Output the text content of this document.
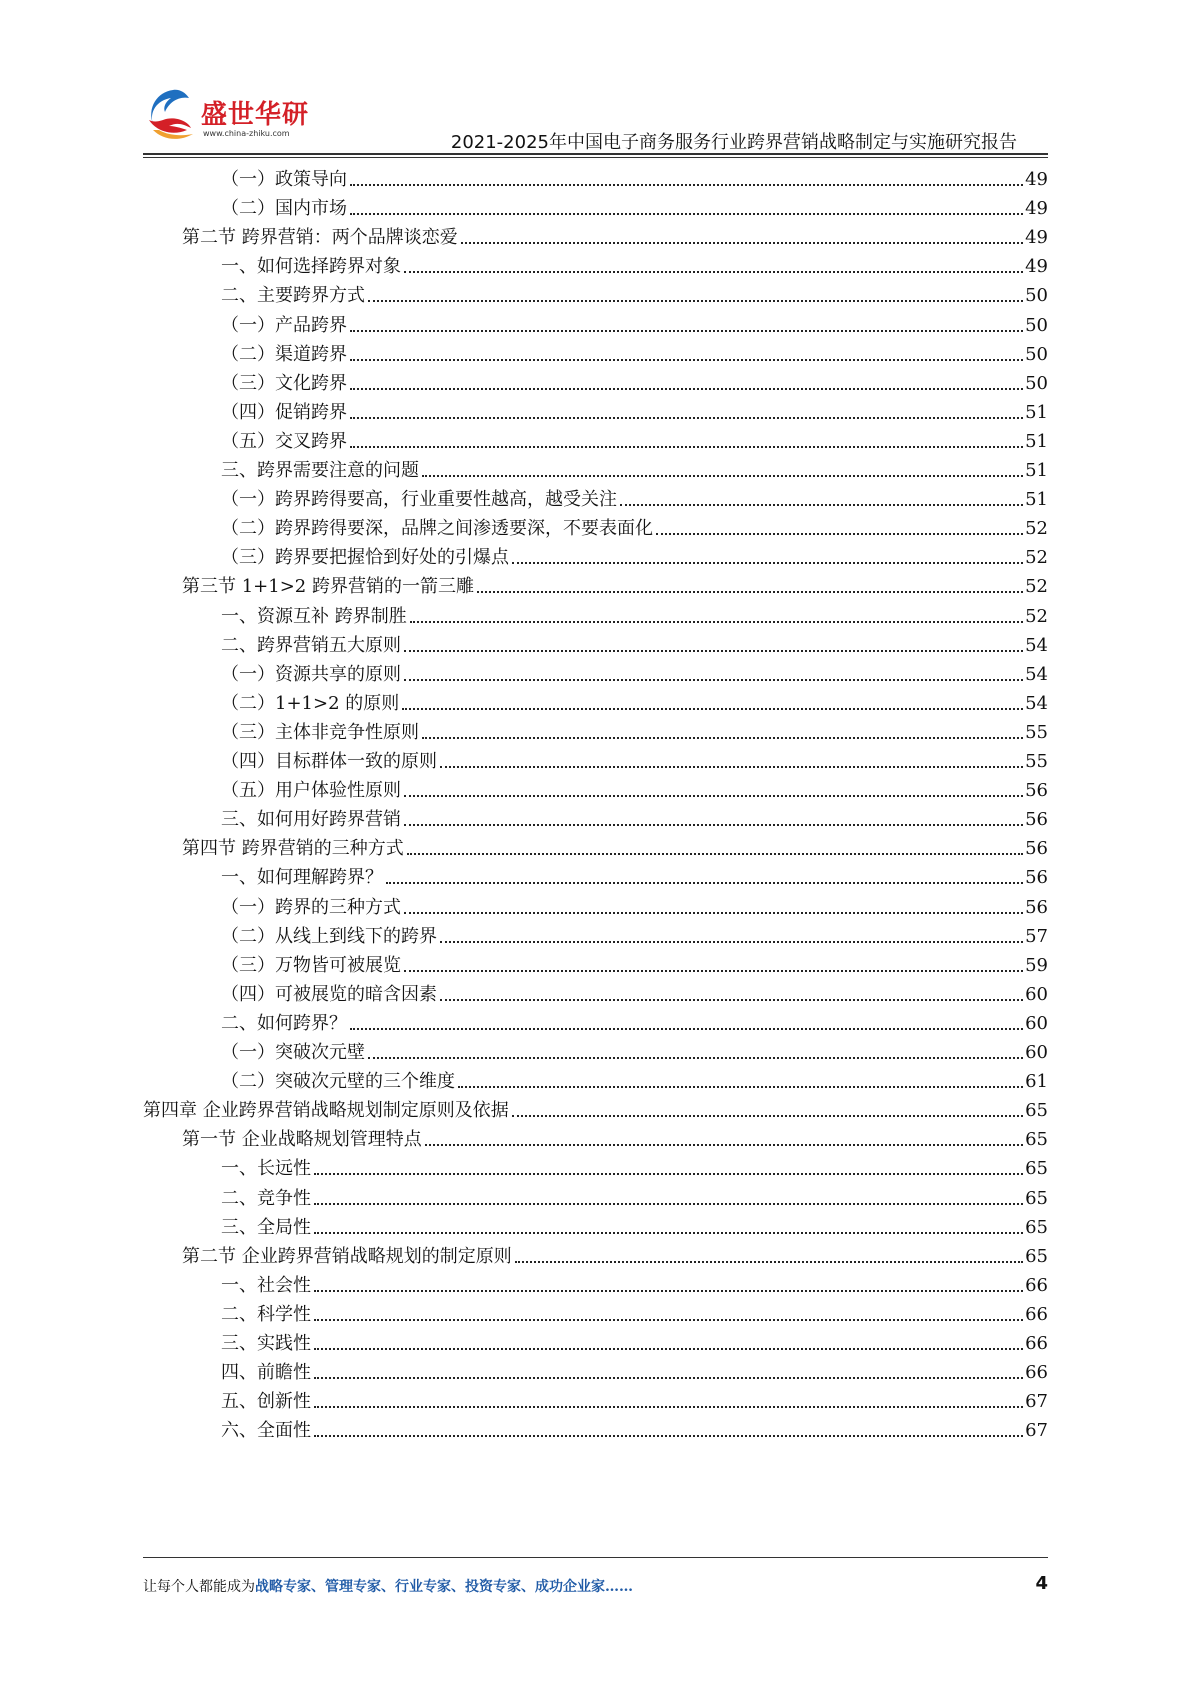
盛世华研
www.china-zhiku.com	2021-2025年中国电子商务服务行业跨界营销战略制定与实施研究报告
（一）政策导向	49
（二）国内市场	49
第二节 跨界营销：两个品牌谈恋爱	49
一、如何选择跨界对象	49
二、主要跨界方式	50
（一）产品跨界	50
（二）渠道跨界	50
（三）文化跨界	50
（四）促销跨界	51
（五）交叉跨界	51
三、跨界需要注意的问题	51
（一）跨界跨得要高，行业重要性越高，越受关注	51
（二）跨界跨得要深，品牌之间渗透要深，不要表面化	52
（三）跨界要把握恰到好处的引爆点	52
第三节 1+1>2 跨界营销的一箭三雕	52
一、资源互补 跨界制胜	52
二、跨界营销五大原则	54
（一）资源共享的原则	54
（二）1+1>2 的原则	54
（三）主体非竞争性原则	55
（四）目标群体一致的原则	55
（五）用户体验性原则	56
三、如何用好跨界营销	56
第四节 跨界营销的三种方式	56
一、如何理解跨界？	56
（一）跨界的三种方式	56
（二）从线上到线下的跨界	57
（三）万物皆可被展览	59
（四）可被展览的暗含因素	60
二、如何跨界？	60
（一）突破次元壁	60
（二）突破次元壁的三个维度	61
第四章 企业跨界营销战略规划制定原则及依据	65
第一节 企业战略规划管理特点	65
一、长远性	65
二、竞争性	65
三、全局性	65
第二节 企业跨界营销战略规划的制定原则	65
一、社会性	66
二、科学性	66
三、实践性	66
四、前瞻性	66
五、创新性	67
六、全面性	67
让每个人都能成为战略专家、管理专家、行业专家、投资专家、成功企业家……	4
